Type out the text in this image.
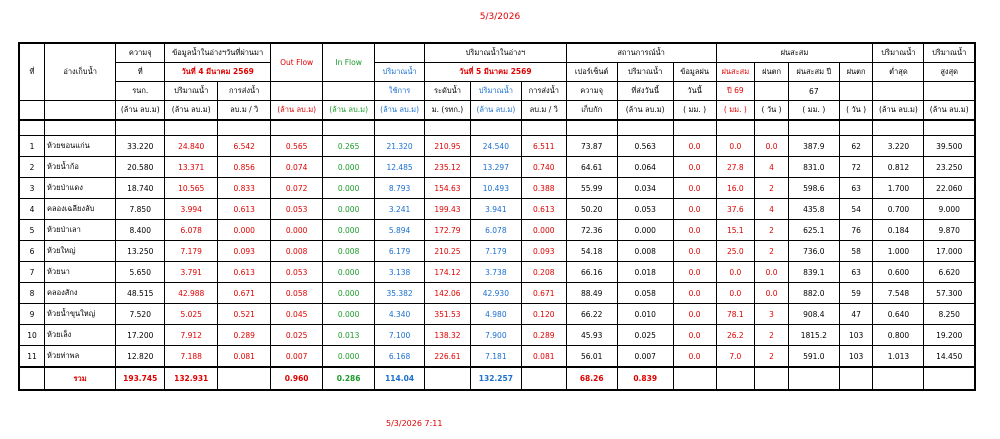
5/3/2026
ที่	อ่างเก็บน้ำ	ความจุ	ข้อมูลน้ำในอ่างฯวันที่ผ่านมา		Out Flow	In Flow		ปริมาณน้ำในอ่างฯ			สถานการณ์น้ำ			ฝนสะสม				ปริมาณน้ำ	ปริมาณน้ำ
		ที่	วันที่ 4 มีนาคม 2569				ปริมาณน้ำ	วันที่ 5 มีนาคม 2569			เปอร์เซ็นต์	ปริมาณน้ำ	ข้อมูลฝน	ฝนสะสม	ฝนตก	ฝนสะสม ปี	ฝนตก	ต่ำสุด	สูงสุด
		รนก.	ปริมาณน้ำ	การส่งน้ำ			ใช้การ	ระดับน้ำ	ปริมาณน้ำ	การส่งน้ำ	ความจุ	ที่ส่งวันนี้	วันนี้	ปี 69		67			
		(ล้าน ลบ.ม)	(ล้าน ลบ.ม)	ลบ.ม / วิ	(ล้าน ลบ.ม)	(ล้าน ลบ.ม)	(ล้าน ลบ.ม)	ม. (รทก.)	(ล้าน ลบ.ม)	ลบ.ม / วิ	เก็บกัก	(ล้าน ลบ.ม)	( มม. )	( มม. )	( วัน )	( มม. )	( วัน )	(ล้าน ลบ.ม)	(ล้าน ลบ.ม)

1	ห้วยขอนแก่น	33.220	24.840	6.542	0.565	0.265	21.320	210.95	24.540	6.511	73.87	0.563	0.0	0.0	0.0	387.9	62	3.220	39.500
2	ห้วยน้ำก้อ	20.580	13.371	0.856	0.074	0.000	12.485	235.12	13.297	0.740	64.61	0.064	0.0	27.8	4	831.0	72	0.812	23.250
3	ห้วยป่าแดง	18.740	10.565	0.833	0.072	0.000	8.793	154.63	10.493	0.388	55.99	0.034	0.0	16.0	2	598.6	63	1.700	22.060
4	คลองเฉลียงลับ	7.850	3.994	0.613	0.053	0.000	3.241	199.43	3.941	0.613	50.20	0.053	0.0	37.6	4	435.8	54	0.700	9.000
5	ห้วยป่าเลา	8.400	6.078	0.000	0.000	0.000	5.894	172.79	6.078	0.000	72.36	0.000	0.0	15.1	2	625.1	76	0.184	9.870
6	ห้วยใหญ่	13.250	7.179	0.093	0.008	0.008	6.179	210.25	7.179	0.093	54.18	0.008	0.0	25.0	2	736.0	58	1.000	17.000
7	ห้วยนา	5.650	3.791	0.613	0.053	0.000	3.138	174.12	3.738	0.208	66.16	0.018	0.0	0.0	0.0	839.1	63	0.600	6.620
8	คลองสักง	48.515	42.988	0.671	0.058	0.000	35.382	142.06	42.930	0.671	88.49	0.058	0.0	0.0	0.0	882.0	59	7.548	57.300
9	ห้วยน้ำขุนใหญ่	7.520	5.025	0.521	0.045	0.000	4.340	351.53	4.980	0.120	66.22	0.010	0.0	78.1	3	908.4	47	0.640	8.250
10	ห้วยเล็ง	17.200	7.912	0.289	0.025	0.013	7.100	138.32	7.900	0.289	45.93	0.025	0.0	26.2	2	1815.2	103	0.800	19.200
11	ห้วยท่าพล	12.820	7.188	0.081	0.007	0.000	6.168	226.61	7.181	0.081	56.01	0.007	0.0	7.0	2	591.0	103	1.013	14.450
	รวม	193.745	132.931		0.960	0.286	114.04		132.257		68.26	0.839							
5/3/2026 7:11
